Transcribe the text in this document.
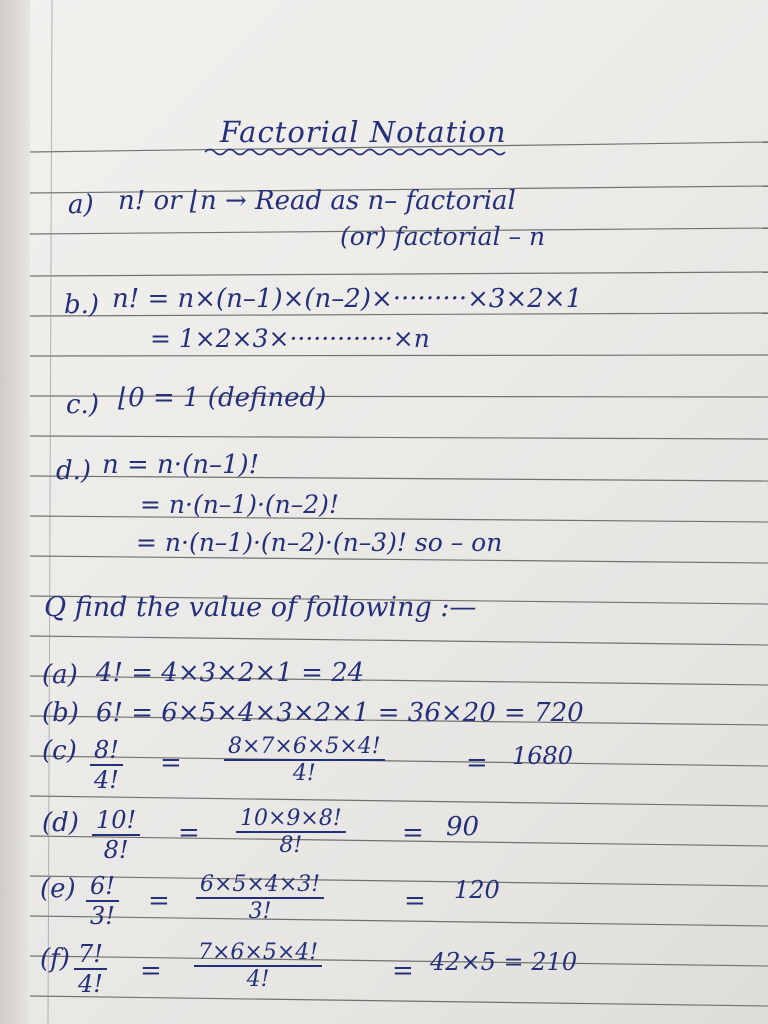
Factorial Notation
a) n! or ⌊n → Read as n– factorial
(or) factorial – n
b.) n! = n×(n–1)×(n–2)×·········×3×2×1
= 1×2×3×·············×n
c.) ⌊0 = 1 (defined)
d.) n = n·(n–1)!
= n·(n–1)·(n–2)!
= n·(n–1)·(n–2)·(n–3)! so – on
Q find the value of following :—
(a) 4! = 4×3×2×1 = 24
(b) 6! = 6×5×4×3×2×1 = 36×20 = 720
$(c) \frac{8!}{4!} = \frac{8\times 7\times 6\times 5\times 4!}{4!}$	= 1680
$(d) \frac{10!}{8!} = \frac{10\times 9\times 8!}{8!} = 90$
$(e) \frac{6!}{3!} = \frac{6\times 5\times 4\times 3!}{3!}$	= 120
$(f) \frac{7!}{4!} = \frac{7\times 6\times 5\times 4!}{4!}$	= 42×5 = 210
